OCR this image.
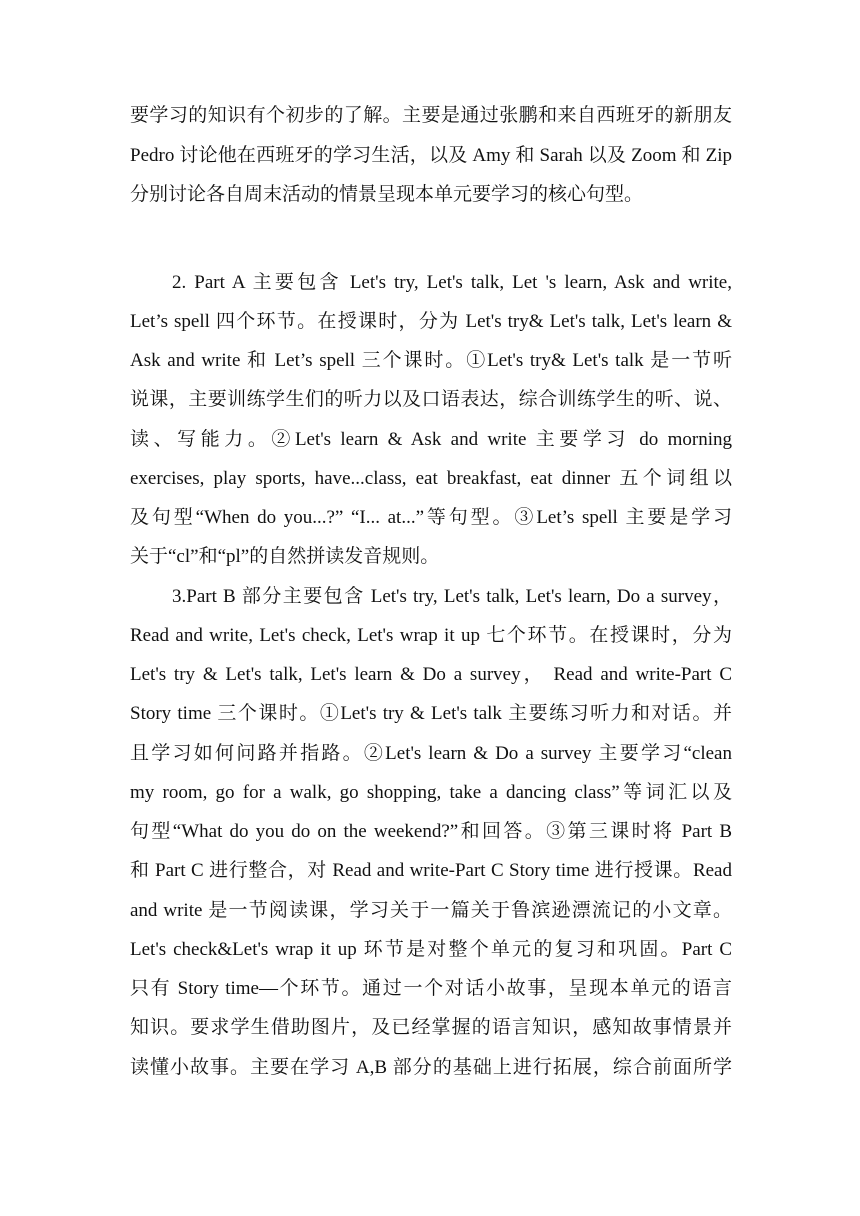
要学习的知识有个初步的了解。主要是通过张鹏和来自西班牙的新朋友
Pedro 讨论他在西班牙的学习生活，以及 Amy 和 Sarah 以及 Zoom 和 Zip
分别讨论各自周末活动的情景呈现本单元要学习的核心句型。
2. Part A 主要包含 Let's try, Let's talk, Let 's learn, Ask and write,
Let’s spell 四个环节。在授课时，分为 Let's try& Let's talk, Let's learn &
Ask and write 和 Let’s spell 三个课时。①Let's try& Let's talk 是一节听
说课，主要训练学生们的听力以及口语表达，综合训练学生的听、说、
读、写能力。②Let's learn & Ask and write 主要学习 do morning
exercises, play sports, have...class, eat breakfast, eat dinner 五个词组以
及句型“When do you...?” “I... at...”等句型。③Let’s spell 主要是学习
关于“cl”和“pl”的自然拼读发音规则。
3.Part B 部分主要包含 Let's try, Let's talk, Let's learn, Do a survey，
Read and write, Let's check, Let's wrap it up 七个环节。在授课时，分为
Let's try & Let's talk, Let's learn & Do a survey， Read and write-Part C
Story time 三个课时。①Let's try & Let's talk 主要练习听力和对话。并
且学习如何问路并指路。②Let's learn & Do a survey 主要学习“clean
my room, go for a walk, go shopping, take a dancing class”等词汇以及
句型“What do you do on the weekend?”和回答。③第三课时将 Part B
和 Part C 进行整合，对 Read and write-Part C Story time 进行授课。Read
and write 是一节阅读课，学习关于一篇关于鲁滨逊漂流记的小文章。
Let's check&Let's wrap it up 环节是对整个单元的复习和巩固。Part C
只有 Story time—个环节。通过一个对话小故事，呈现本单元的语言
知识。要求学生借助图片，及已经掌握的语言知识，感知故事情景并
读懂小故事。主要在学习 A,B 部分的基础上进行拓展，综合前面所学
